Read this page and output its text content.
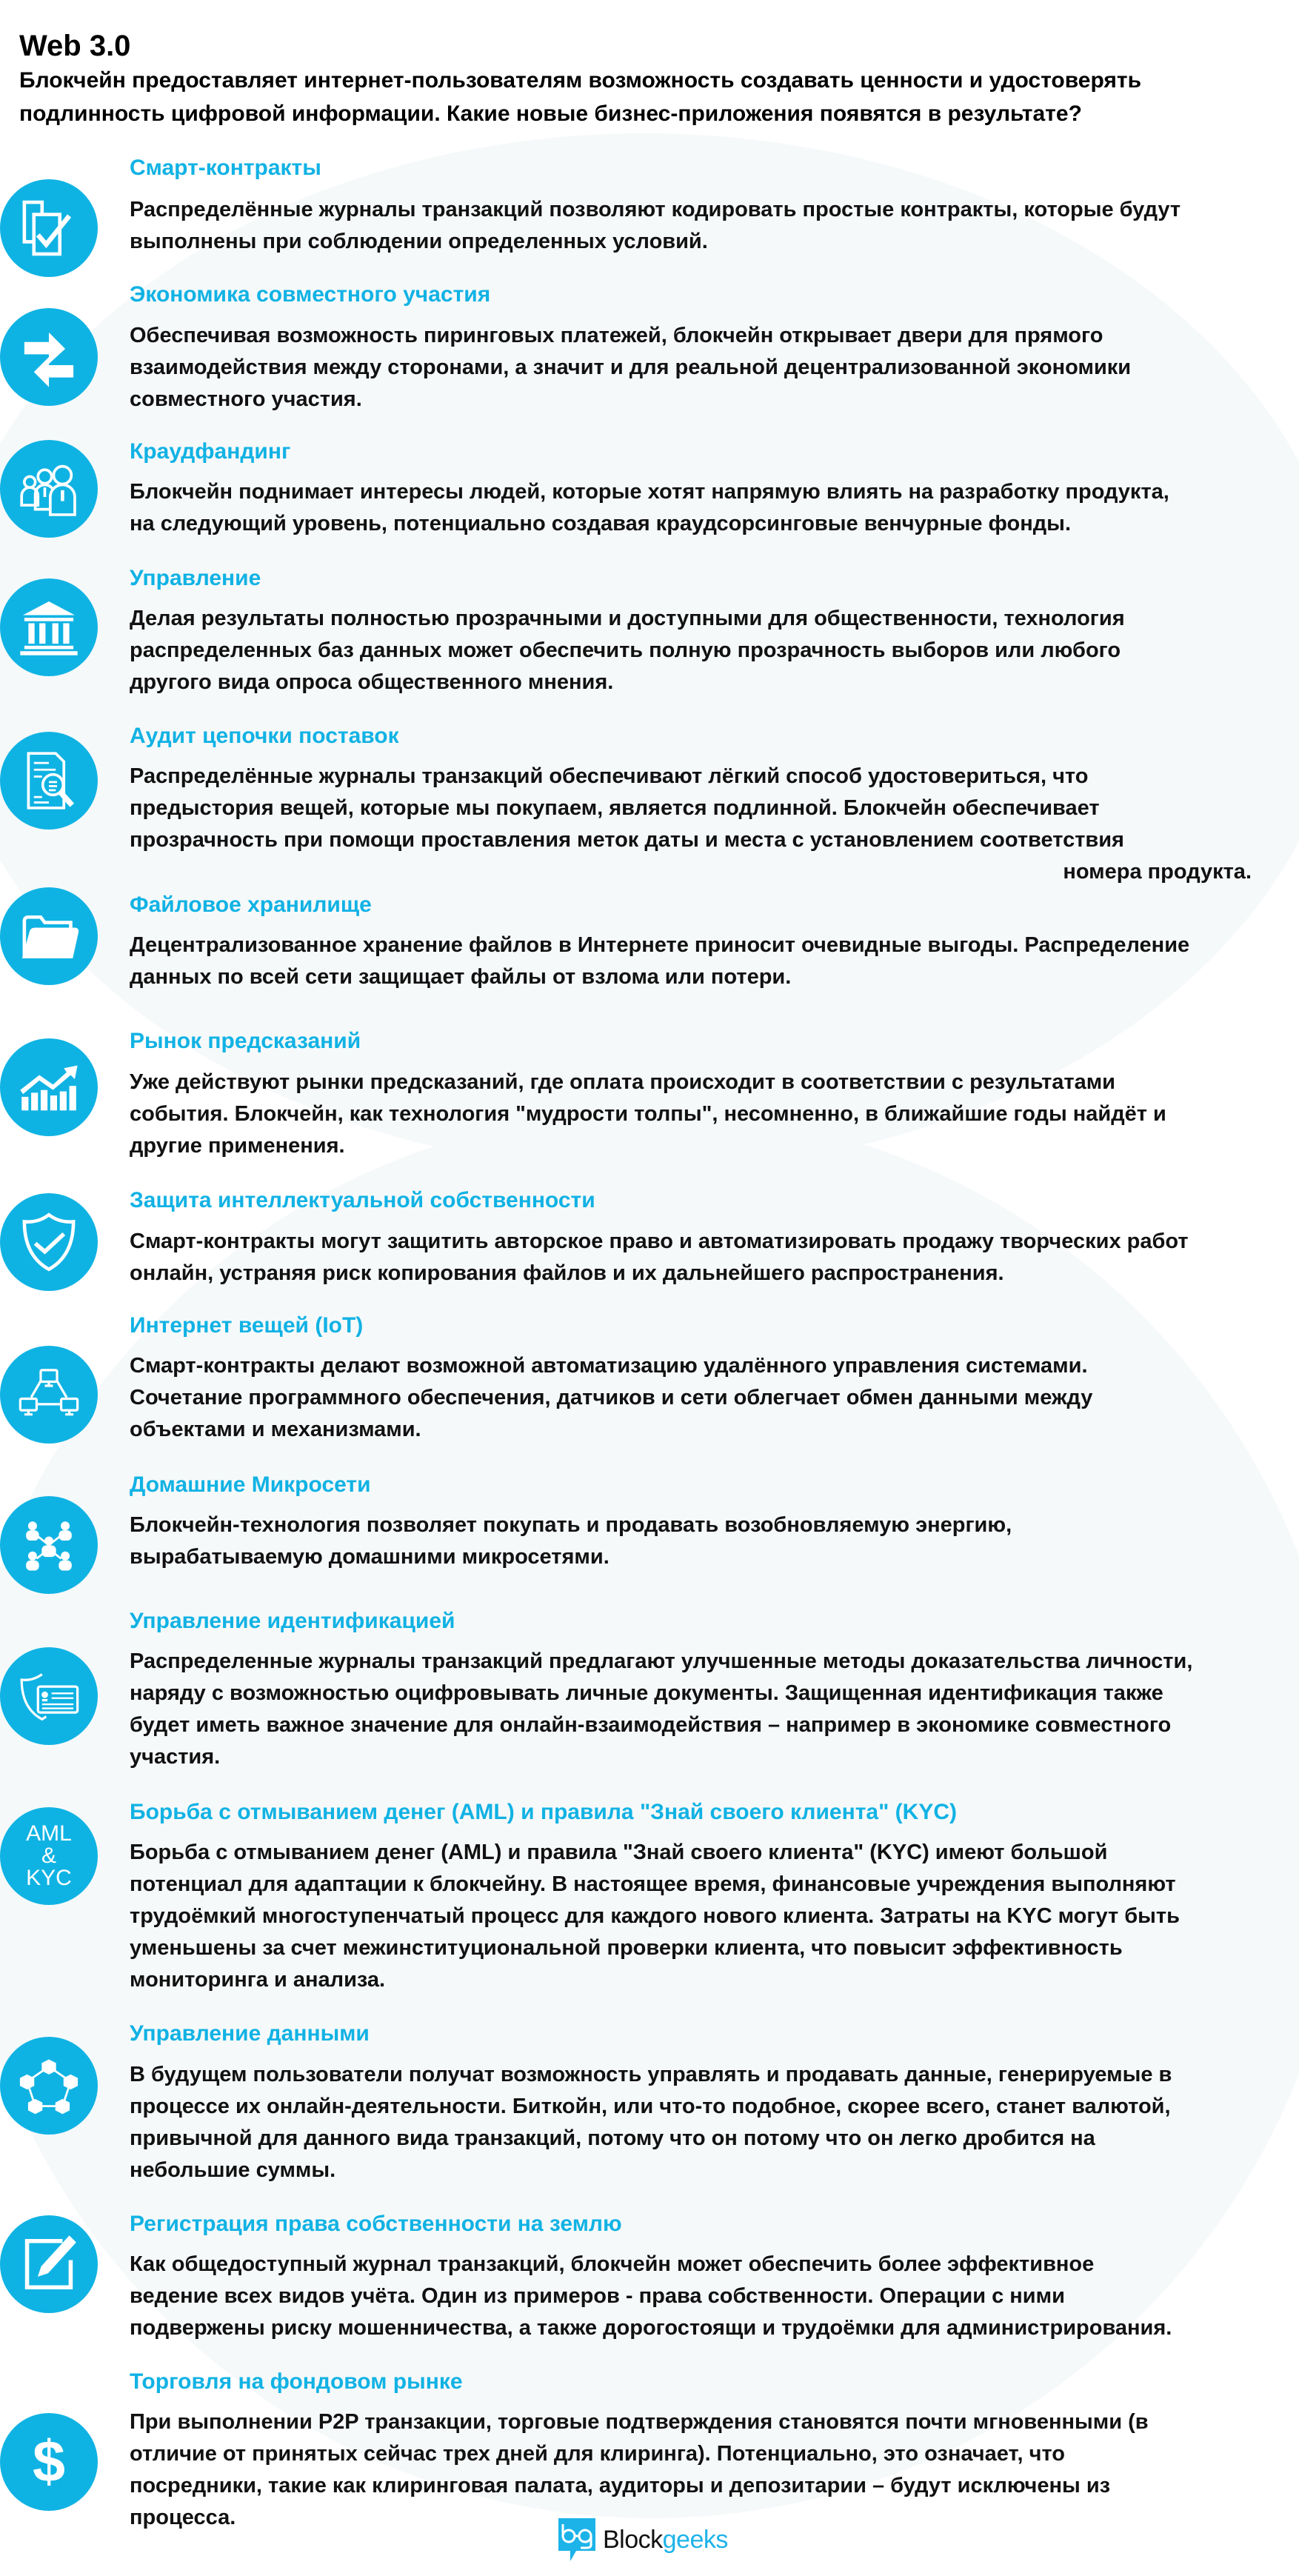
Web 3.0
Блокчейн предоставляет интернет-пользователям возможность создавать ценности и удостоверять
подлинность цифровой информации. Какие новые бизнес-приложения появятся в результате?
Смарт-контракты
Распределённые журналы транзакций позволяют кодировать простые контракты, которые будут
выполнены при соблюдении определенных условий.
Экономика совместного участия
Обеспечивая возможность пиринговых платежей, блокчейн открывает двери для прямого
взаимодействия между сторонами, а значит и для реальной децентрализованной экономики
совместного участия.
Краудфандинг
Блокчейн поднимает интересы людей, которые хотят напрямую влиять на разработку продукта,
на следующий уровень, потенциально создавая краудсорсинговые венчурные фонды.
Управление
Делая результаты полностью прозрачными и доступными для общественности, технология
распределенных баз данных может обеспечить полную прозрачность выборов или любого
другого вида опроса общественного мнения.
Аудит цепочки поставок
Распределённые журналы транзакций обеспечивают лёгкий способ удостовериться, что
предыстория вещей, которые мы покупаем, является подлинной. Блокчейн обеспечивает
прозрачность при помощи проставления меток даты и места с установлением соответствия
номера продукта.
Файловое хранилище
Децентрализованное хранение файлов в Интернете приносит очевидные выгоды. Распределение
данных по всей сети защищает файлы от взлома или потери.
Рынок предсказаний
Уже действуют рынки предсказаний, где оплата происходит в соответствии с результатами
события. Блокчейн, как технология "мудрости толпы", несомненно, в ближайшие годы найдёт и
другие применения.
Защита интеллектуальной собственности
Смарт-контракты могут защитить авторское право и автоматизировать продажу творческих работ
онлайн, устраняя риск копирования файлов и их дальнейшего распространения.
Интернет вещей (IoT)
Смарт-контракты делают возможной автоматизацию удалённого управления системами.
Сочетание программного обеспечения, датчиков и сети облегчает обмен данными между
объектами и механизмами.
Домашние Микросети
Блокчейн-технология позволяет покупать и продавать возобновляемую энергию,
вырабатываемую домашними микросетями.
Управление идентификацией
Распределенные журналы транзакций предлагают улучшенные методы доказательства личности,
наряду с возможностью оцифровывать личные документы. Защищенная идентификация также
будет иметь важное значение для онлайн-взаимодействия – например в экономике совместного
участия.
AML
&
KYC
Борьба с отмыванием денег (AML) и правила "Знай своего клиента" (KYC)
Борьба с отмыванием денег (AML) и правила "Знай своего клиента" (KYC) имеют большой
потенциал для адаптации к блокчейну. В настоящее время, финансовые учреждения выполняют
трудоёмкий многоступенчатый процесс для каждого нового клиента. Затраты на KYC могут быть
уменьшены за счет межинституциональной проверки клиента, что повысит эффективность
мониторинга и анализа.
Управление данными
В будущем пользователи получат возможность управлять и продавать данные, генерируемые в
процессе их онлайн-деятельности. Биткойн, или что-то подобное, скорее всего, станет валютой,
привычной для данного вида транзакций, потому что он потому что он легко дробится на
небольшие суммы.
Регистрация права собственности на землю
Как общедоступный журнал транзакций, блокчейн может обеспечить более эффективное
ведение всех видов учёта. Один из примеров - права собственности. Операции с ними
подвержены риску мошенничества, а также дорогостоящи и трудоёмки для администрирования.
$
Торговля на фондовом рынке
При выполнении P2P транзакции, торговые подтверждения становятся почти мгновенными (в
отличие от принятых сейчас трех дней для клиринга). Потенциально, это означает, что
посредники, такие как клиринговая палата, аудиторы и депозитарии – будут исключены из
процесса.
Blockgeeks
